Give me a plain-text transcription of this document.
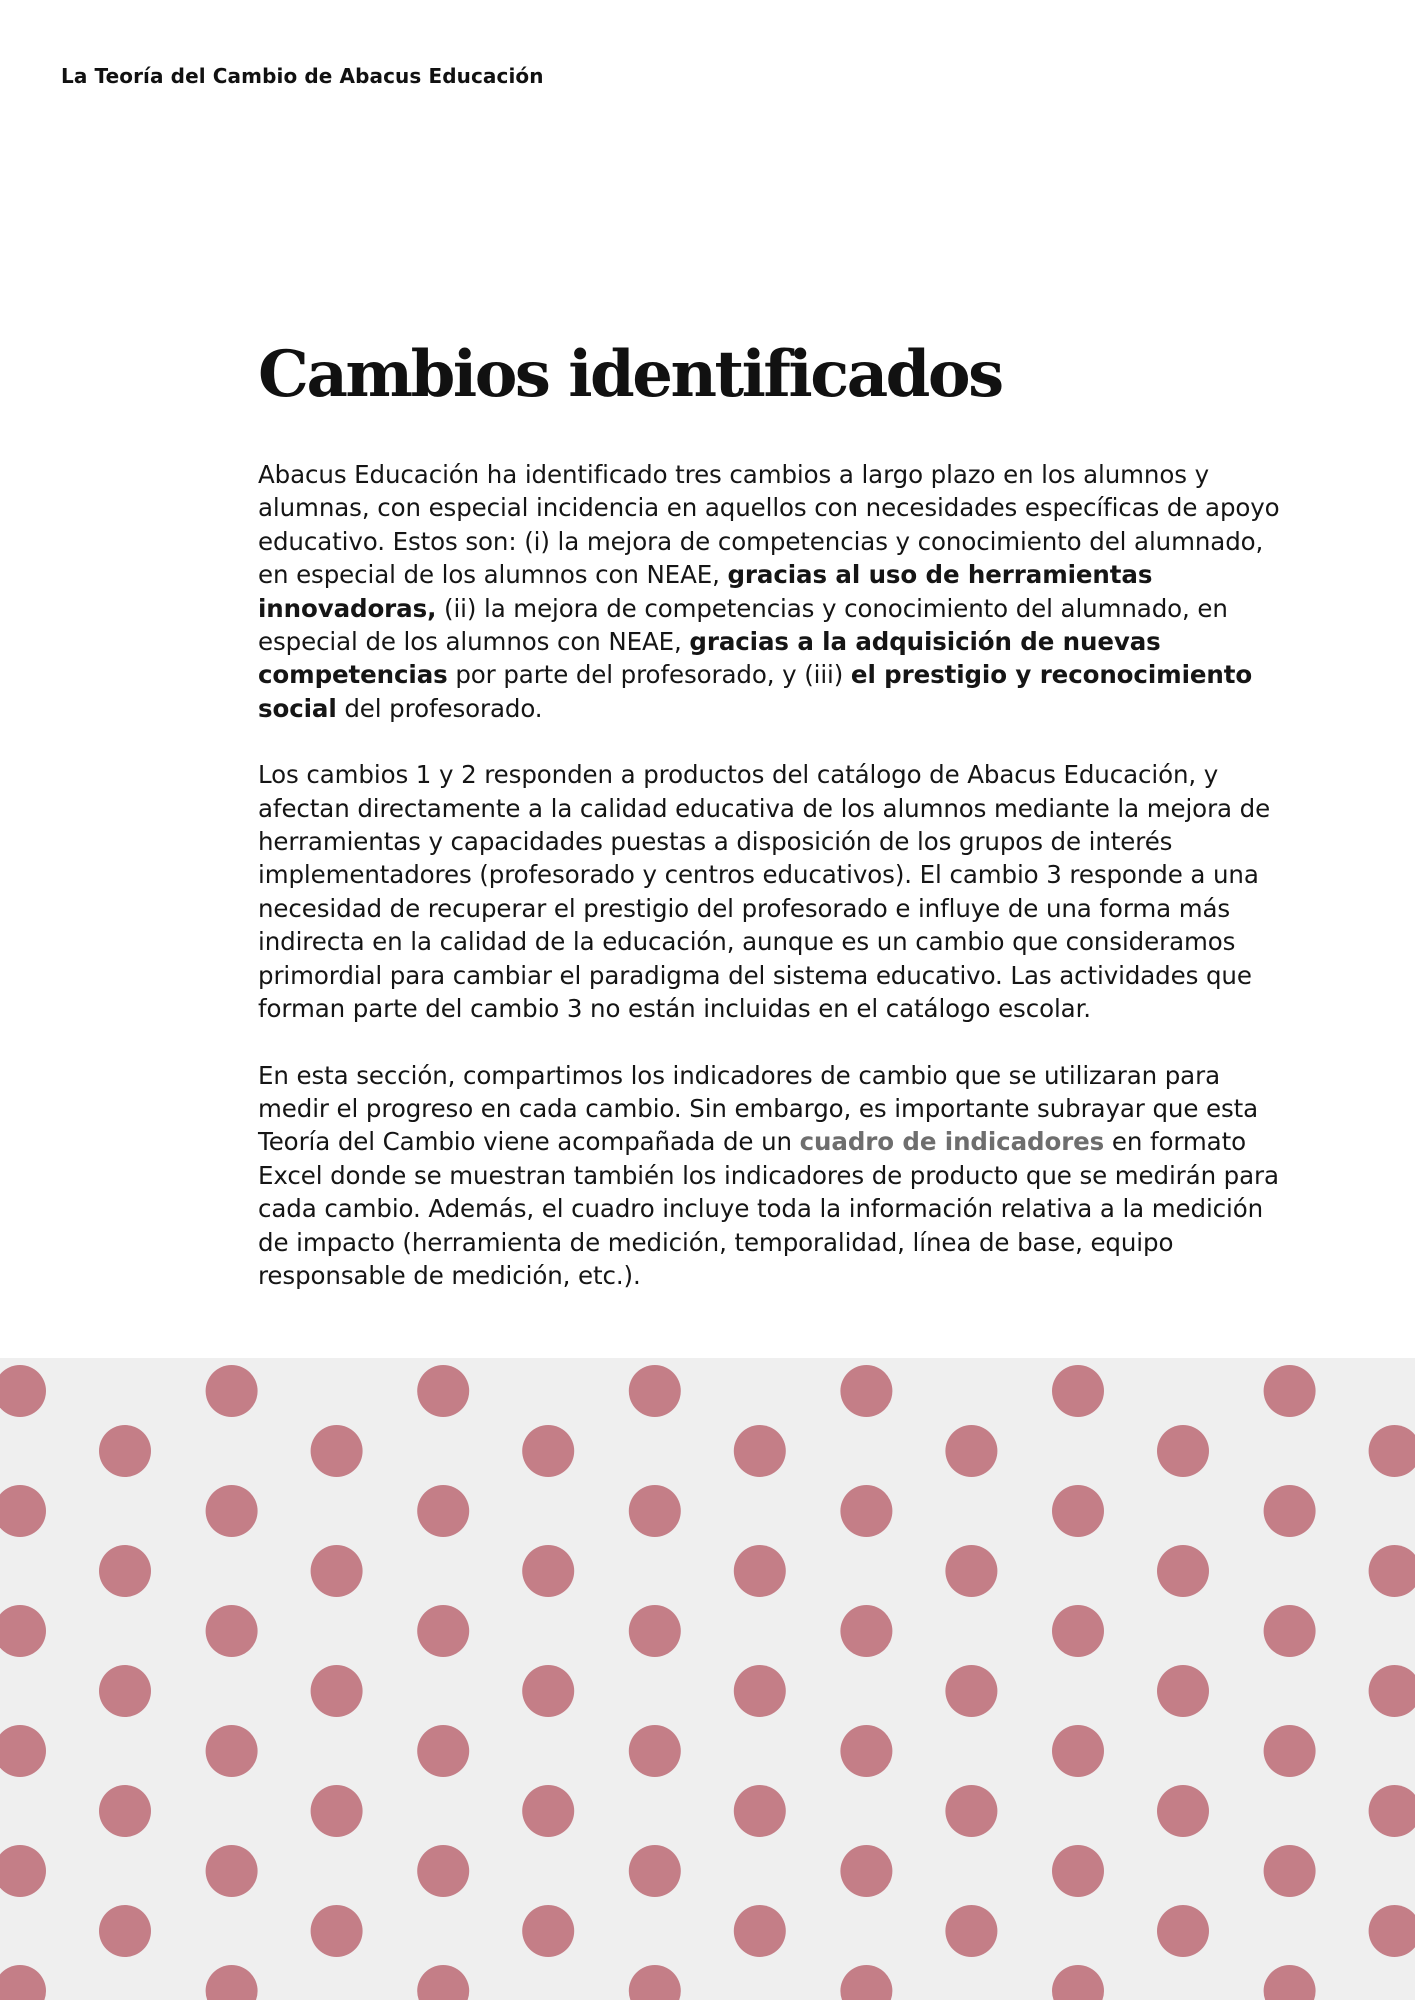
La Teoría del Cambio de Abacus Educación
Cambios identificados

Abacus Educación ha identificado tres cambios a largo plazo en los alumnos y alumnas, con especial incidencia en aquellos con necesidades específicas de apoyo educativo. Estos son: (i) la mejora de competencias y conocimiento del alumnado, en especial de los alumnos con NEAE, gracias al uso de herramientas innovadoras, (ii) la mejora de competencias y conocimiento del alumnado, en especial de los alumnos con NEAE, gracias a la adquisición de nuevas competencias por parte del profesorado, y (iii) el prestigio y reconocimiento social del profesorado.

Los cambios 1 y 2 responden a productos del catálogo de Abacus Educación, y afectan directamente a la calidad educativa de los alumnos mediante la mejora de herramientas y capacidades puestas a disposición de los grupos de interés implementadores (profesorado y centros educativos). El cambio 3 responde a una necesidad de recuperar el prestigio del profesorado e influye de una forma más indirecta en la calidad de la educación, aunque es un cambio que consideramos primordial para cambiar el paradigma del sistema educativo. Las actividades que forman parte del cambio 3 no están incluidas en el catálogo escolar.

En esta sección, compartimos los indicadores de cambio que se utilizaran para medir el progreso en cada cambio. Sin embargo, es importante subrayar que esta Teoría del Cambio viene acompañada de un cuadro de indicadores en formato Excel donde se muestran también los indicadores de producto que se medirán para cada cambio. Además, el cuadro incluye toda la información relativa a la medición de impacto (herramienta de medición, temporalidad, línea de base, equipo responsable de medición, etc.).
